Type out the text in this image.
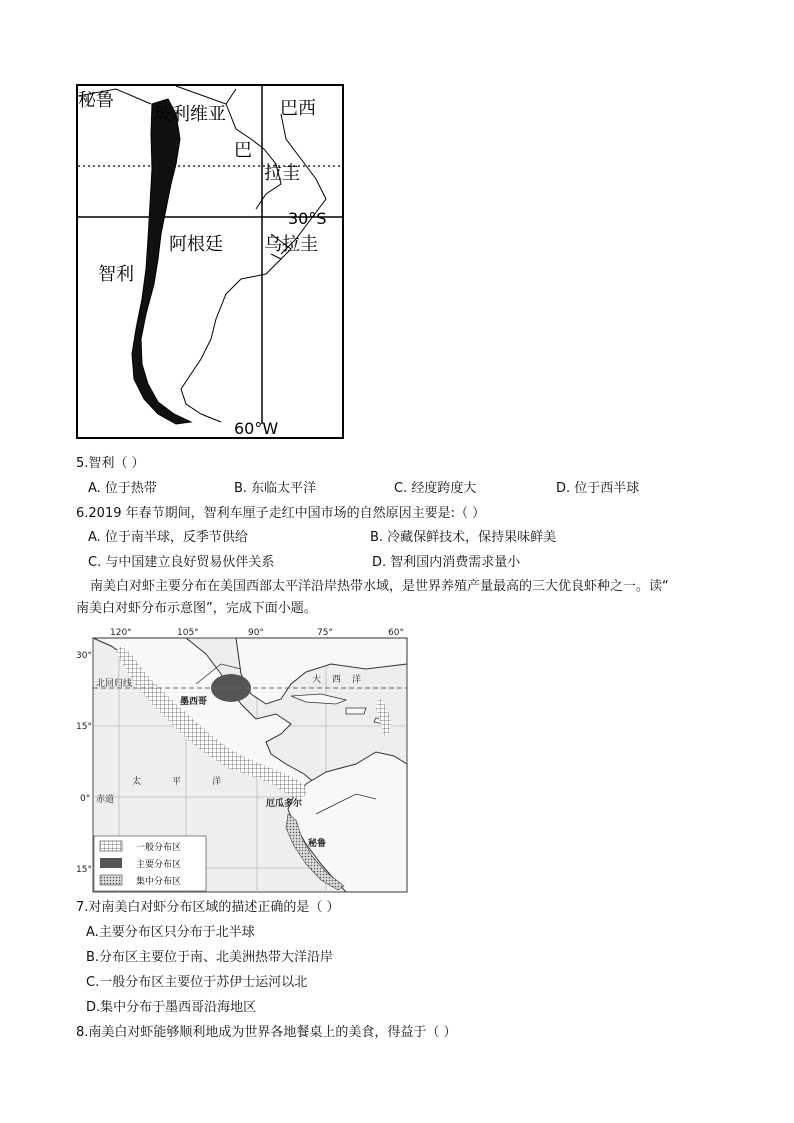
秘鲁
玻利维亚	巴西
巴
拉圭
30°S
阿根廷 乌拉圭
智利
60°W
5.智利（ ）
A. 位于热带	B. 东临太平洋	C. 经度跨度大	D. 位于西半球
6.2019 年春节期间，智利车厘子走红中国市场的自然原因主要是:（ ）
A. 位于南半球，反季节供给	B. 冷藏保鲜技术，保持果味鲜美
C. 与中国建立良好贸易伙伴关系	D. 智利国内消费需求量小
南美白对虾主要分布在美国西部太平洋沿岸热带水域，是世界养殖产量最高的三大优良虾种之一。读“
南美白对虾分布示意图”，完成下面小题。
120°	105°	90°	75°	60°
30°
15°
0°
15°
北回归线
赤道
大 西 洋
太	平	洋
墨西哥
厄瓜多尔
秘鲁
一般分布区
主要分布区
集中分布区
7.对南美白对虾分布区域的描述正确的是（ ）
A.主要分布区只分布于北半球
B.分布区主要位于南、北美洲热带大洋沿岸
C.一般分布区主要位于苏伊士运河以北
D.集中分布于墨西哥沿海地区
8.南美白对虾能够顺利地成为世界各地餐桌上的美食，得益于（ ）
